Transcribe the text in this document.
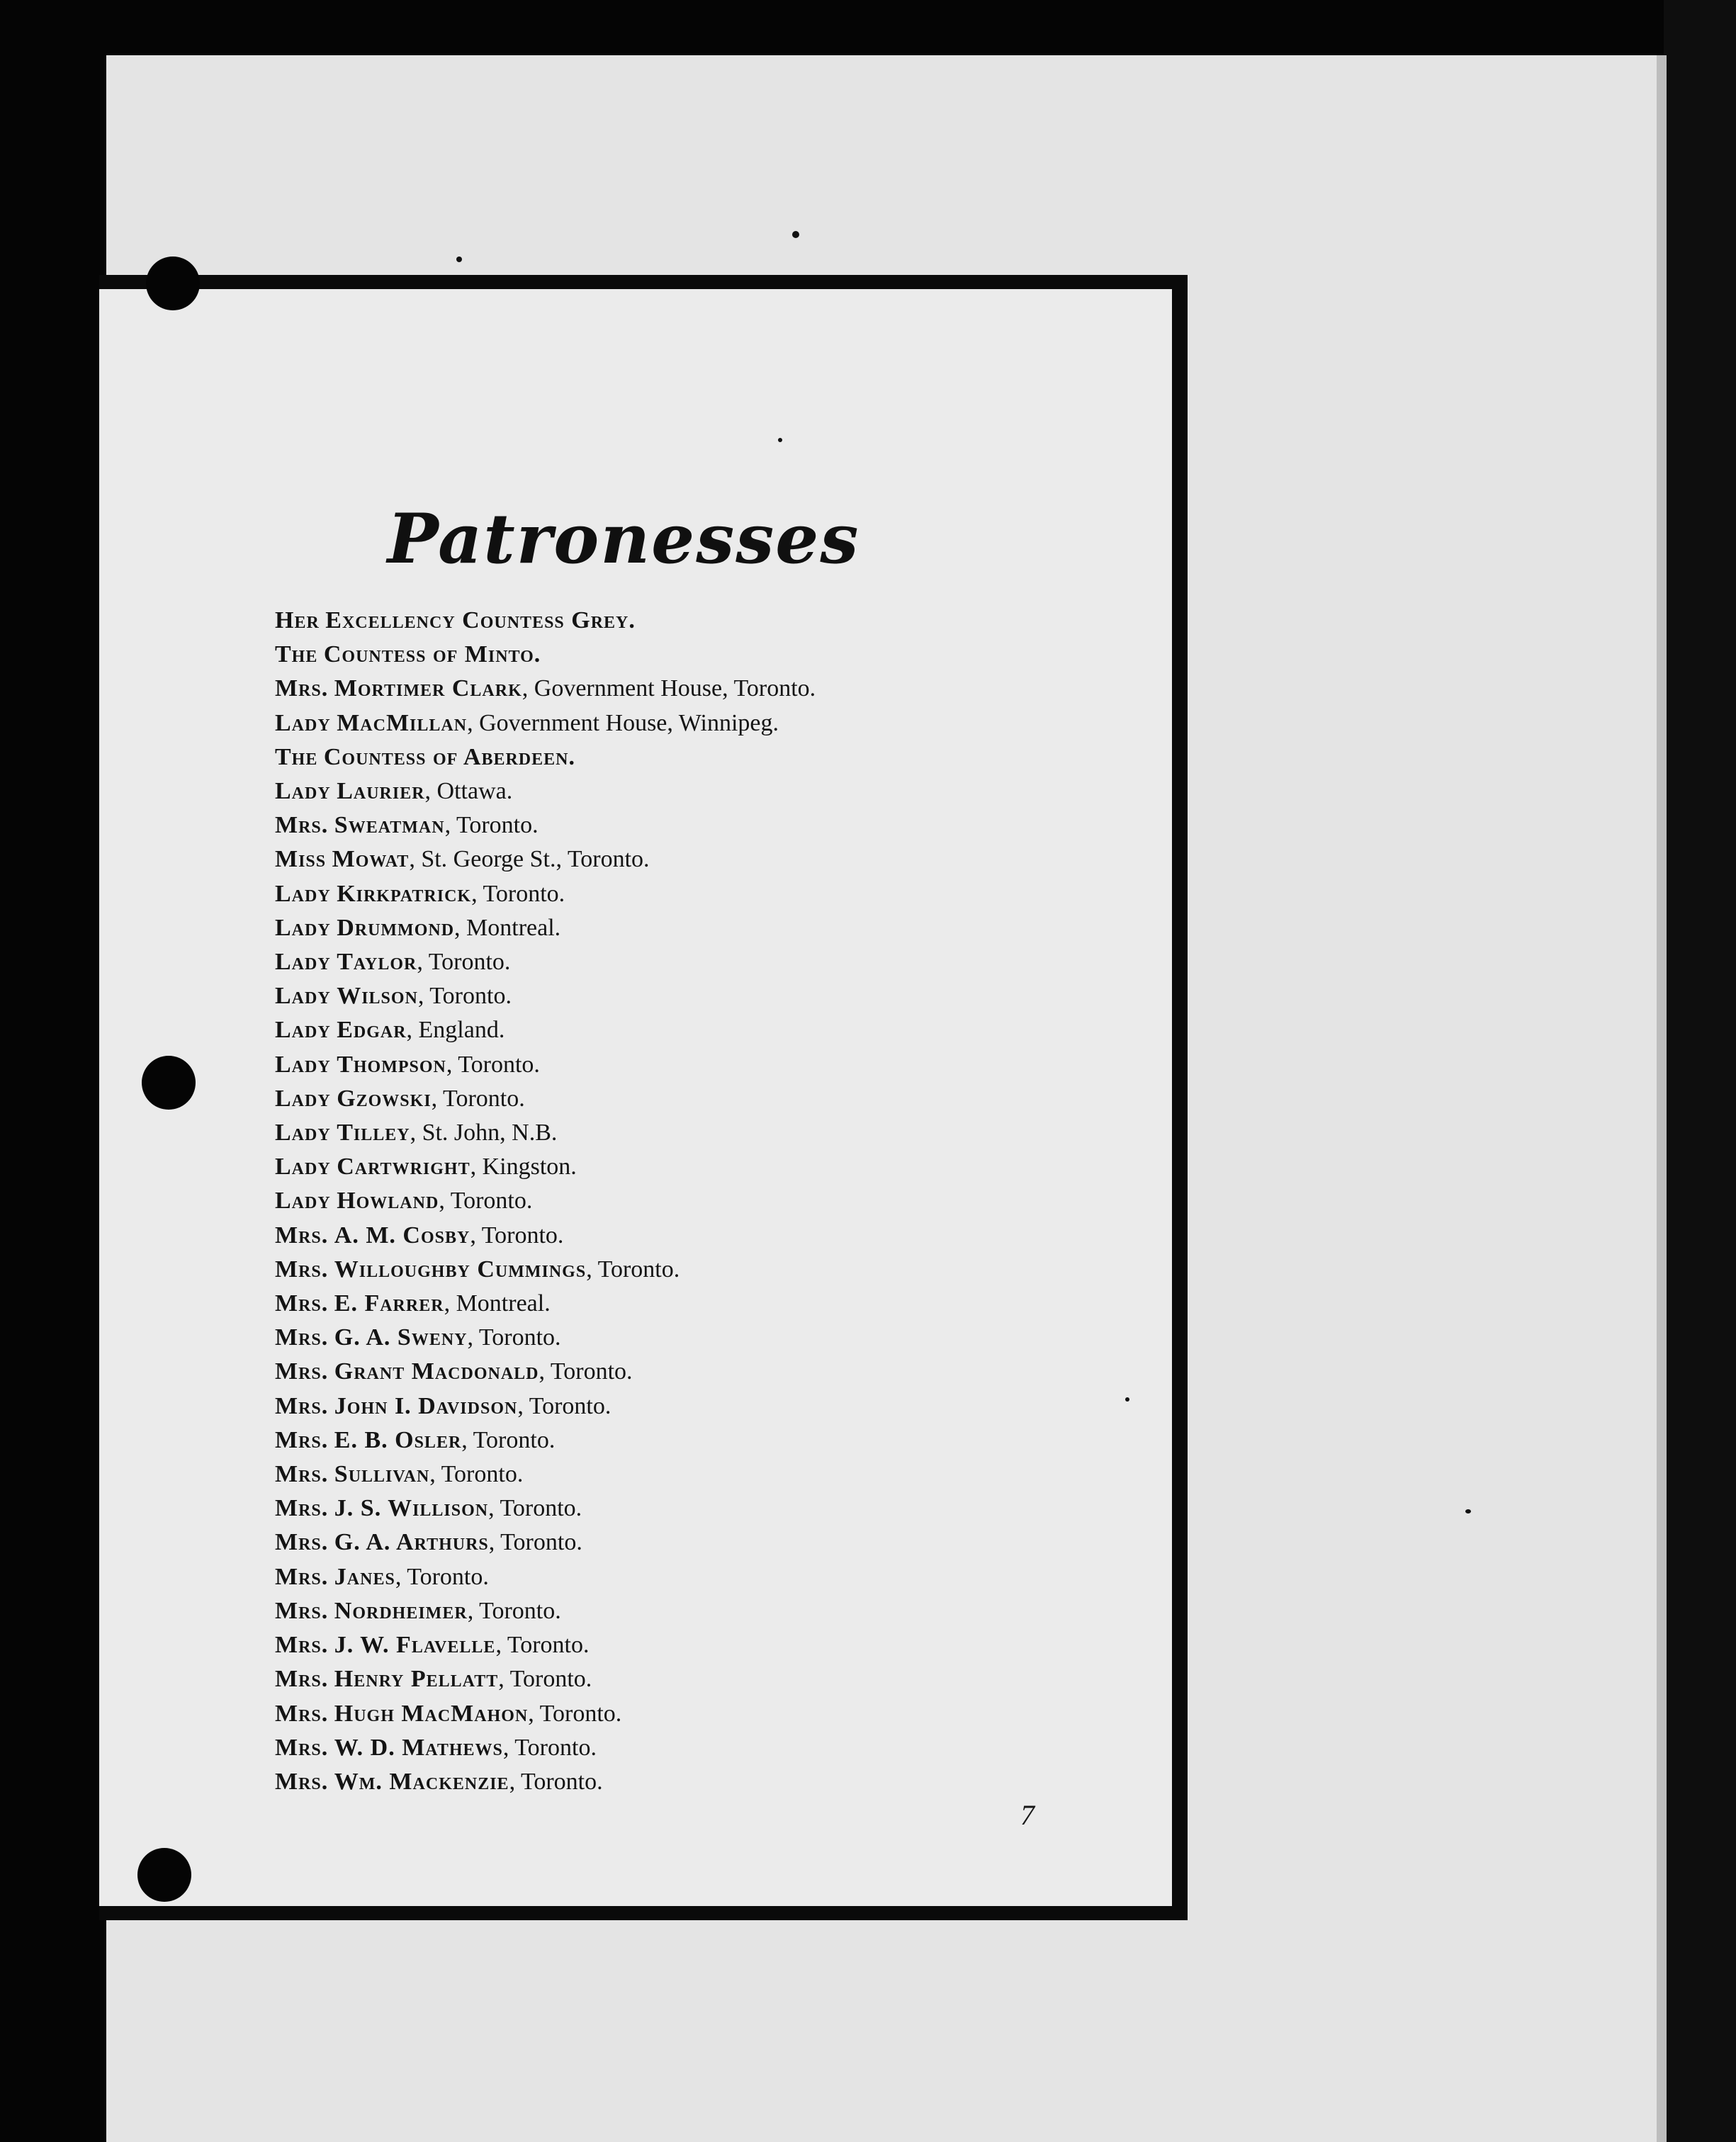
Patronesses
Her Excellency Countess Grey.
The Countess of Minto.
Mrs. Mortimer Clark, Government House, Toronto.
Lady MacMillan, Government House, Winnipeg.
The Countess of Aberdeen.
Lady Laurier, Ottawa.
Mrs. Sweatman, Toronto.
Miss Mowat, St. George St., Toronto.
Lady Kirkpatrick, Toronto.
Lady Drummond, Montreal.
Lady Taylor, Toronto.
Lady Wilson, Toronto.
Lady Edgar, England.
Lady Thompson, Toronto.
Lady Gzowski, Toronto.
Lady Tilley, St. John, N.B.
Lady Cartwright, Kingston.
Lady Howland, Toronto.
Mrs. A. M. Cosby, Toronto.
Mrs. Willoughby Cummings, Toronto.
Mrs. E. Farrer, Montreal.
Mrs. G. A. Sweny, Toronto.
Mrs. Grant Macdonald, Toronto.
Mrs. John I. Davidson, Toronto.
Mrs. E. B. Osler, Toronto.
Mrs. Sullivan, Toronto.
Mrs. J. S. Willison, Toronto.
Mrs. G. A. Arthurs, Toronto.
Mrs. Janes, Toronto.
Mrs. Nordheimer, Toronto.
Mrs. J. W. Flavelle, Toronto.
Mrs. Henry Pellatt, Toronto.
Mrs. Hugh MacMahon, Toronto.
Mrs. W. D. Mathews, Toronto.
Mrs. Wm. Mackenzie, Toronto.
7
